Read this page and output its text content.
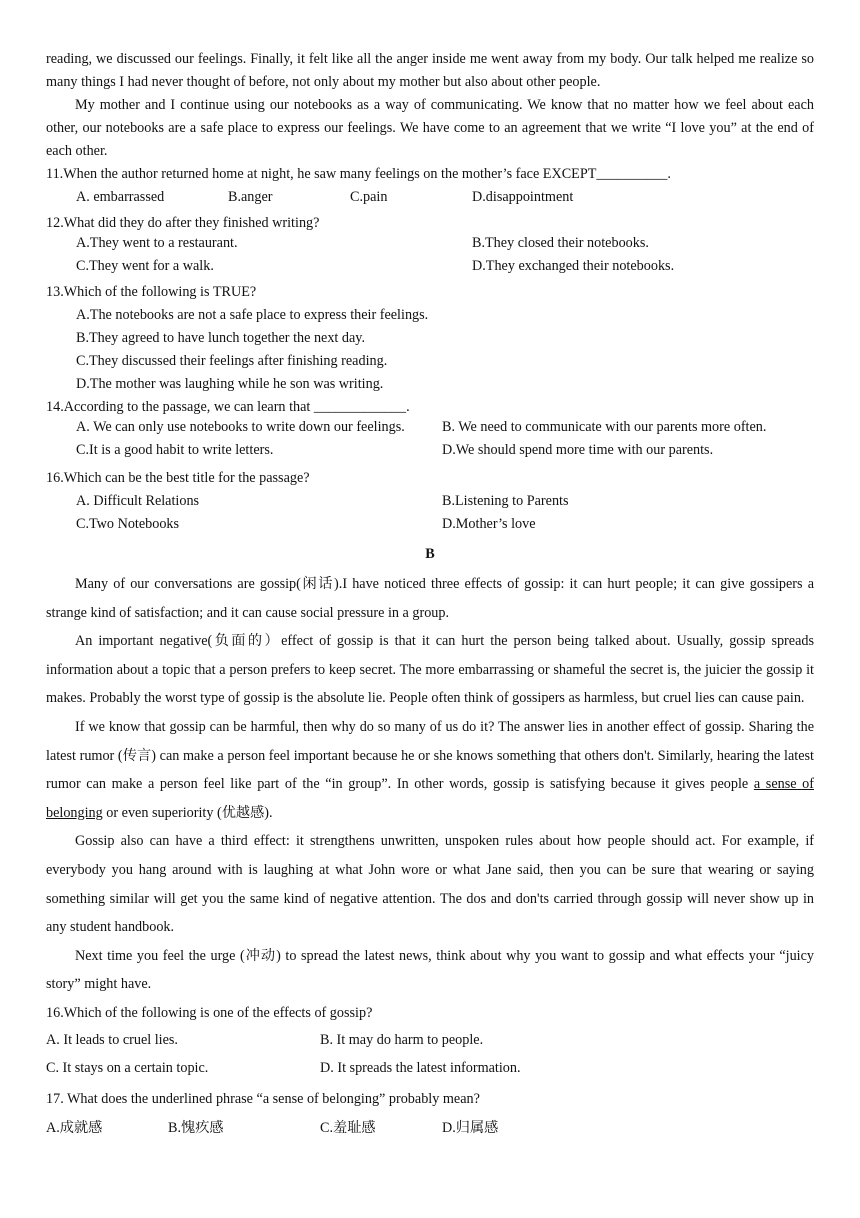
reading, we discussed our feelings. Finally, it felt like all the anger inside me went away from my body. Our talk helped me realize so many things I had never thought of before, not only about my mother but also about other people.

My mother and I continue using our notebooks as a way of communicating. We know that no matter how we feel about each other, our notebooks are a safe place to express our feelings. We have come to an agreement that we write “I love you” at the end of each other.

11.When the author returned home at night, he saw many feelings on the mother’s face EXCEPT__________.

A. embarrassed	B.anger	C.pain	D.disappointment

12.What did they do after they finished writing?

A.They went to a restaurant.	B.They closed their notebooks.
C.They went for a walk.	D.They exchanged their notebooks.

13.Which of the following is TRUE?

A.The notebooks are not a safe place to express their feelings.

B.They agreed to have lunch together the next day.

C.They discussed their feelings after finishing reading.

D.The mother was laughing while he son was writing.

14.According to the passage, we can learn that _____________.

A. We can only use notebooks to write down our feelings.	B. We need to communicate with our parents more often.
C.It is a good habit to write letters.	D.We should spend more time with our parents.

16.Which can be the best title for the passage?

A. Difficult Relations	B.Listening to Parents
C.Two Notebooks	D.Mother’s love
B

Many of our conversations are gossip(闲话).I have noticed three effects of gossip: it can hurt people; it can give gossipers a strange kind of satisfaction; and it can cause social pressure in a group.

An important negative(负面的）effect of gossip is that it can hurt the person being talked about. Usually, gossip spreads information about a topic that a person prefers to keep secret. The more embarrassing or shameful the secret is, the juicier the gossip it makes. Probably the worst type of gossip is the absolute lie. People often think of gossipers as harmless, but cruel lies can cause pain.

If we know that gossip can be harmful, then why do so many of us do it? The answer lies in another effect of gossip. Sharing the latest rumor (传言) can make a person feel important because he or she knows something that others don't. Similarly, hearing the latest rumor can make a person feel like part of the “in group”. In other words, gossip is satisfying because it gives people a sense of belonging or even superiority (优越感).

Gossip also can have a third effect: it strengthens unwritten, unspoken rules about how people should act. For example, if everybody you hang around with is laughing at what John wore or what Jane said, then you can be sure that wearing or saying something similar will get you the same kind of negative attention. The dos and don'ts carried through gossip will never show up in any student handbook.

Next time you feel the urge (冲动) to spread the latest news, think about why you want to gossip and what effects your “juicy story” might have.

16.Which of the following is one of the effects of gossip?

A. It leads to cruel lies.	B. It may do harm to people.
C. It stays on a certain topic.	D. It spreads the latest information.

17. What does the underlined phrase “a sense of belonging” probably mean?

A.成就感	B.愧疚感	C.羞耻感	D.归属感
